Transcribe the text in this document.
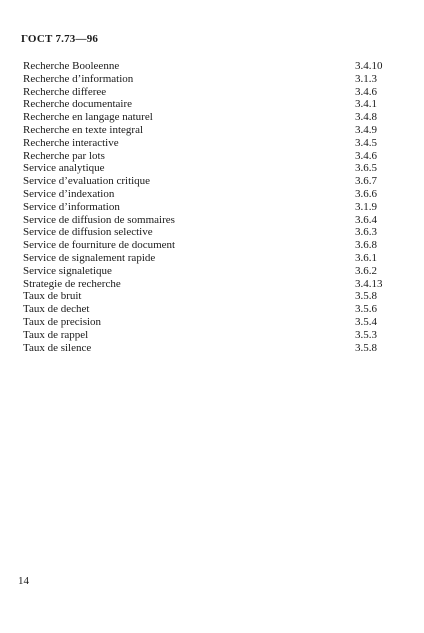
ГОСТ 7.73—96
Recherche Booleenne	3.4.10
Recherche d’information	3.1.3
Recherche differee	3.4.6
Recherche documentaire	3.4.1
Recherche en langage naturel	3.4.8
Recherche en texte integral	3.4.9
Recherche interactive	3.4.5
Recherche par lots	3.4.6
Service analytique	3.6.5
Service d’evaluation critique	3.6.7
Service d’indexation	3.6.6
Service d’information	3.1.9
Service de diffusion de sommaires	3.6.4
Service de diffusion selective	3.6.3
Service de fourniture de document	3.6.8
Service de signalement rapide	3.6.1
Service signaletique	3.6.2
Strategie de recherche	3.4.13
Taux de bruit	3.5.8
Taux de dechet	3.5.6
Taux de precision	3.5.4
Taux de rappel	3.5.3
Taux de silence	3.5.8
14
